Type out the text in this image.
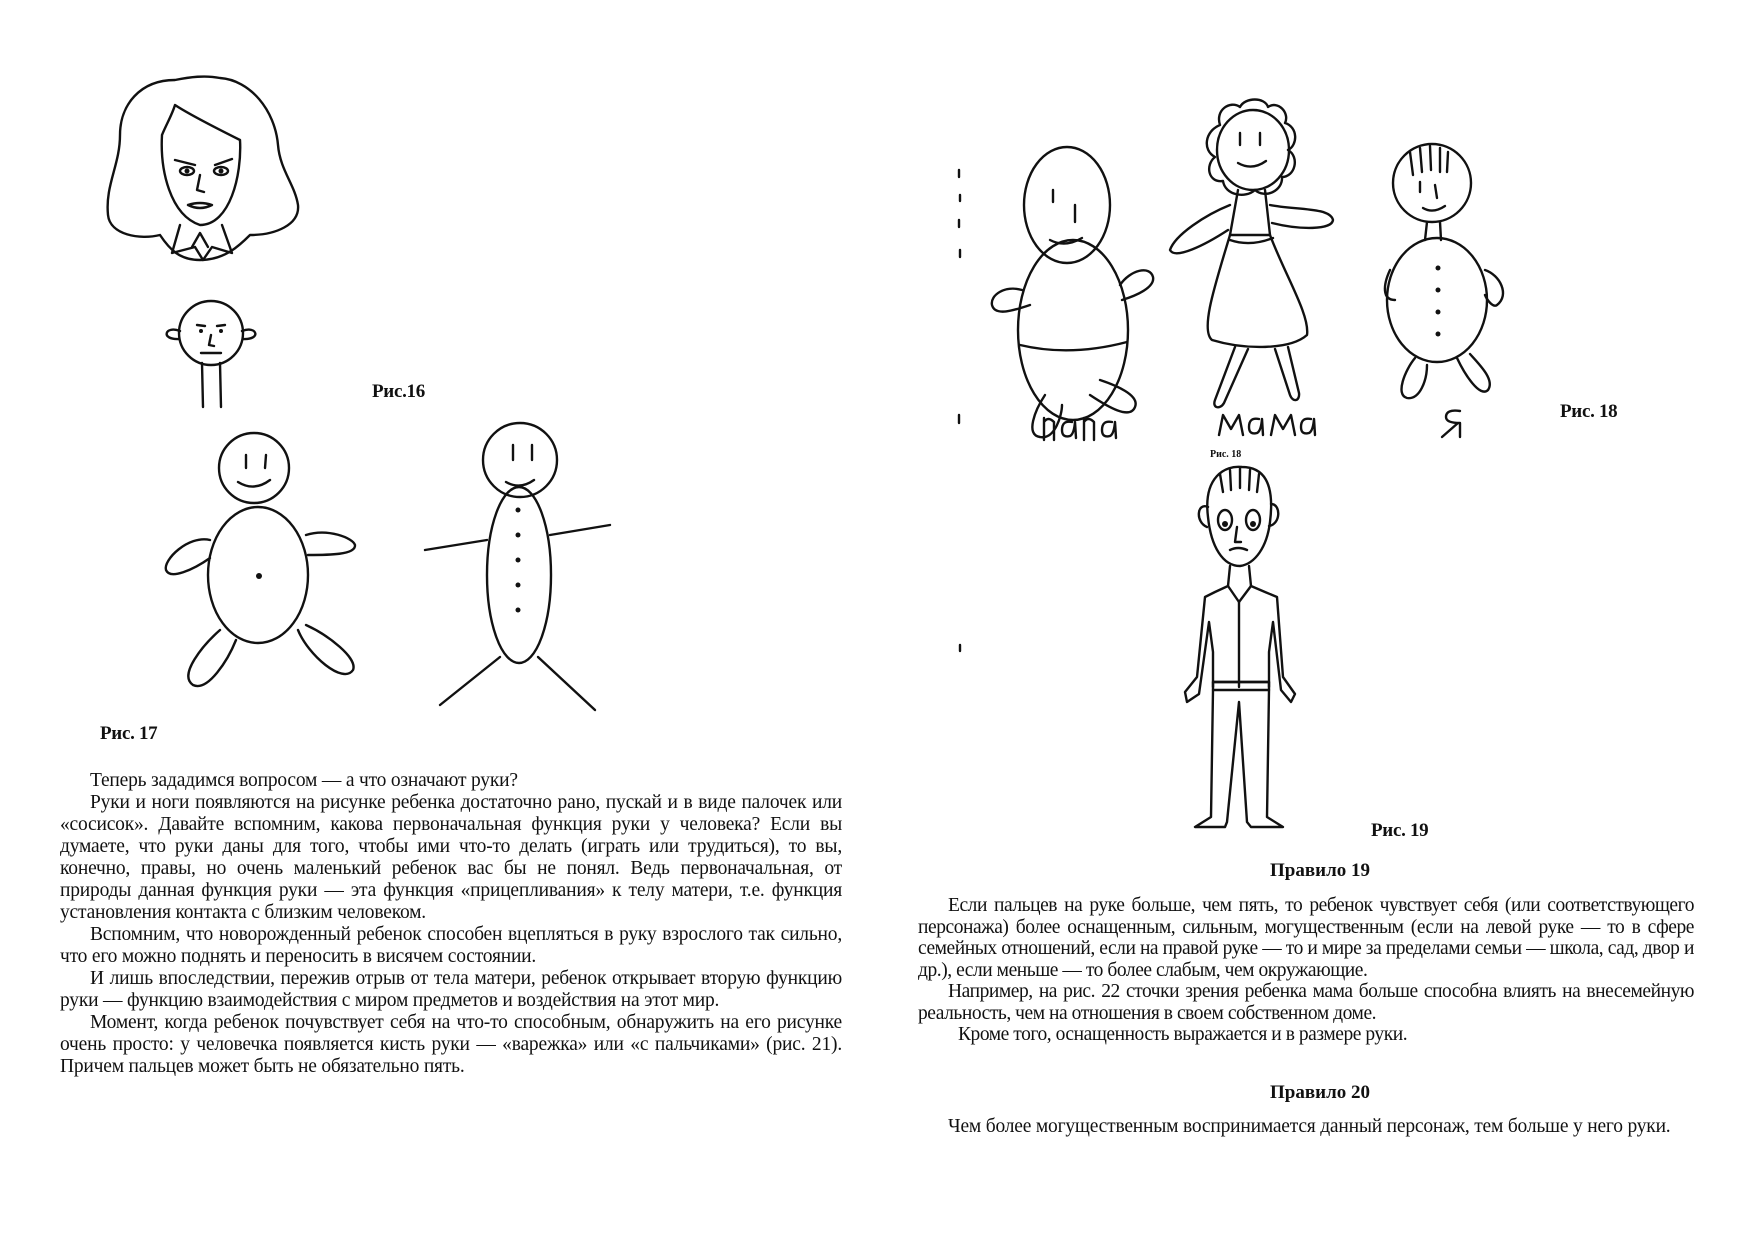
Рис.16
Рис. 17

Теперь зададимся вопросом — а что означают руки?

Руки и ноги появляются на рисунке ребенка достаточно рано, пускай и в виде палочек или «сосисок». Давайте вспомним, какова первоначальная функция руки у человека? Если вы думаете, что руки даны для того, чтобы ими что-то делать (играть или трудиться), то вы, конечно, правы, но очень маленький ребенок вас бы не понял. Ведь первоначальная, от природы данная функция руки — эта функция «прицепливания» к телу матери, т.е. функция установления контакта с близким человеком.

Вспомним, что новорожденный ребенок способен вцепляться в руку взрослого так сильно, что его можно поднять и переносить в висячем состоянии.

И лишь впоследствии, пережив отрыв от тела матери, ребенок открывает вторую функцию руки — функцию взаимодействия с миром предметов и воздействия на этот мир.

Момент, когда ребенок почувствует себя на что-то способным, обнаружить на его рисунке очень просто: у человечка появляется кисть руки — «варежка» или «с пальчиками» (рис. 21). Причем пальцев может быть не обязательно пять.

Рис. 18
Рис. 18
Рис. 19
Правило 19

Если пальцев на руке больше, чем пять, то ребенок чувствует себя (или соответствующего персонажа) более оснащенным, сильным, могущественным (если на левой руке — то в сфере семейных отношений, если на правой руке — то и мире за пределами семьи — школа, сад, двор и др.), если меньше — то более слабым, чем окружающие.

Например, на рис. 22 сточки зрения ребенка мама больше способна влиять на внесемейную реальность, чем на отношения в своем собственном доме.

Кроме того, оснащенность выражается и в размере руки.

Правило 20

Чем более могущественным воспринимается данный персонаж, тем больше у него руки.
